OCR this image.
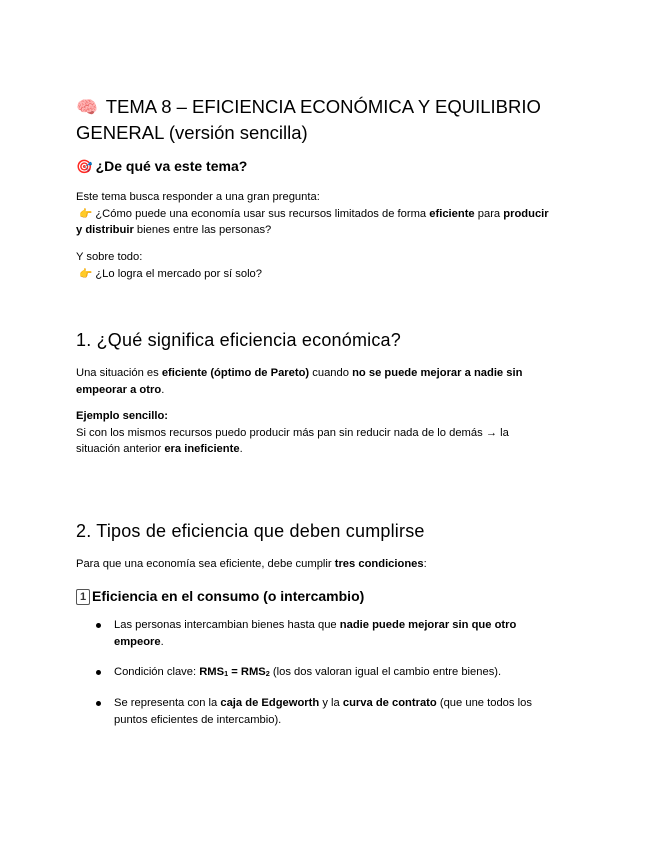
🧠 TEMA 8 – EFICIENCIA ECONÓMICA Y EQUILIBRIO
GENERAL (versión sencilla)
🎯 ¿De qué va este tema?

Este tema busca responder a una gran pregunta:
👉 ¿Cómo puede una economía usar sus recursos limitados de forma eficiente para producir
y distribuir bienes entre las personas?

Y sobre todo:
👉 ¿Lo logra el mercado por sí solo?

1. ¿Qué significa eficiencia económica?

Una situación es eficiente (óptimo de Pareto) cuando no se puede mejorar a nadie sin
empeorar a otro.

Ejemplo sencillo:
Si con los mismos recursos puedo producir más pan sin reducir nada de lo demás → la
situación anterior era ineficiente.

2. Tipos de eficiencia que deben cumplirse

Para que una economía sea eficiente, debe cumplir tres condiciones:

1 Eficiencia en el consumo (o intercambio)
Las personas intercambian bienes hasta que nadie puede mejorar sin que otro
empeore.
Condición clave: RMS1 = RMS2 (los dos valoran igual el cambio entre bienes).
Se representa con la caja de Edgeworth y la curva de contrato (que une todos los
puntos eficientes de intercambio).
